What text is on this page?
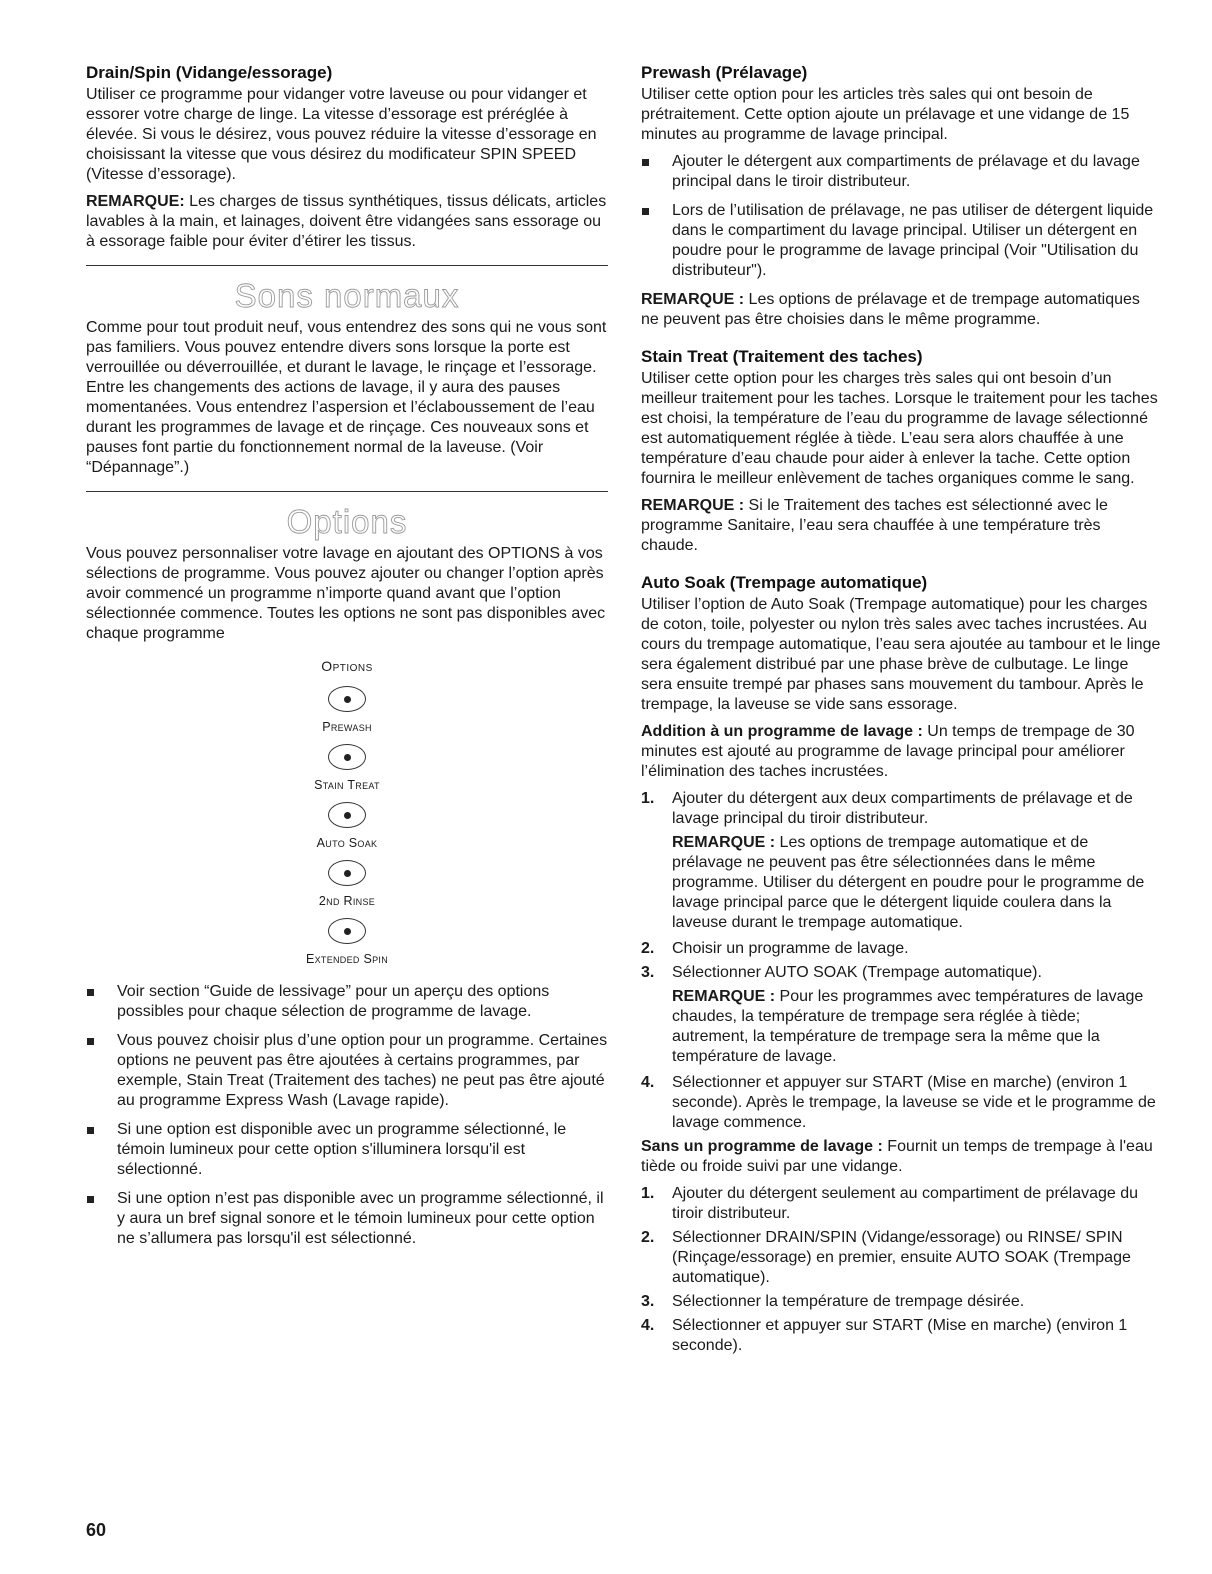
Drain/Spin (Vidange/essorage)

Utiliser ce programme pour vidanger votre laveuse ou pour vidanger et essorer votre charge de linge. La vitesse d’essorage est préréglée à élevée. Si vous le désirez, vous pouvez réduire la vitesse d’essorage en choisissant la vitesse que vous désirez du modificateur SPIN SPEED (Vitesse d’essorage).

REMARQUE: Les charges de tissus synthétiques, tissus délicats, articles lavables à la main, et lainages, doivent être vidangées sans essorage ou à essorage faible pour éviter d’étirer les tissus.

Sons normaux

Comme pour tout produit neuf, vous entendrez des sons qui ne vous sont pas familiers. Vous pouvez entendre divers sons lorsque la porte est verrouillée ou déverrouillée, et durant le lavage, le rinçage et l’essorage. Entre les changements des actions de lavage, il y aura des pauses momentanées. Vous entendrez l’aspersion et l’éclaboussement de l’eau durant les programmes de lavage et de rinçage. Ces nouveaux sons et pauses font partie du fonctionnement normal de la laveuse. (Voir “Dépannage”.)

Options

Vous pouvez personnaliser votre lavage en ajoutant des OPTIONS à vos sélections de programme. Vous pouvez ajouter ou changer l’option après avoir commencé un programme n’importe quand avant que l’option sélectionnée commence. Toutes les options ne sont pas disponibles avec chaque programme

Options
Prewash
Stain Treat
Auto Soak
2nd Rinse
Extended Spin
Voir section “Guide de lessivage” pour un aperçu des options possibles pour chaque sélection de programme de lavage.
Vous pouvez choisir plus d’une option pour un programme. Certaines options ne peuvent pas être ajoutées à certains programmes, par exemple, Stain Treat (Traitement des taches) ne peut pas être ajouté au programme Express Wash (Lavage rapide).
Si une option est disponible avec un programme sélectionné, le témoin lumineux pour cette option s'illuminera lorsqu'il est sélectionné.
Si une option n’est pas disponible avec un programme sélectionné, il y aura un bref signal sonore et le témoin lumineux pour cette option ne s’allumera pas lorsqu'il est sélectionné.
Prewash (Prélavage)

Utiliser cette option pour les articles très sales qui ont besoin de prétraitement. Cette option ajoute un prélavage et une vidange de 15 minutes au programme de lavage principal.

Ajouter le détergent aux compartiments de prélavage et du lavage principal dans le tiroir distributeur.
Lors de l’utilisation de prélavage, ne pas utiliser de détergent liquide dans le compartiment du lavage principal. Utiliser un détergent en poudre pour le programme de lavage principal (Voir "Utilisation du distributeur").

REMARQUE : Les options de prélavage et de trempage automatiques ne peuvent pas être choisies dans le même programme.

Stain Treat (Traitement des taches)

Utiliser cette option pour les charges très sales qui ont besoin d’un meilleur traitement pour les taches. Lorsque le traitement pour les taches est choisi, la température de l’eau du programme de lavage sélectionné est automatiquement réglée à tiède. L’eau sera alors chauffée à une température d’eau chaude pour aider à enlever la tache. Cette option fournira le meilleur enlèvement de taches organiques comme le sang.

REMARQUE : Si le Traitement des taches est sélectionné avec le programme Sanitaire, l’eau sera chauffée à une température très chaude.

Auto Soak (Trempage automatique)

Utiliser l’option de Auto Soak (Trempage automatique) pour les charges de coton, toile, polyester ou nylon très sales avec taches incrustées. Au cours du trempage automatique, l’eau sera ajoutée au tambour et le linge sera également distribué par une phase brève de culbutage. Le linge sera ensuite trempé par phases sans mouvement du tambour. Après le trempage, la laveuse se vide sans essorage.

Addition à un programme de lavage : Un temps de trempage de 30 minutes est ajouté au programme de lavage principal pour améliorer l’élimination des taches incrustées.

1. Ajouter du détergent aux deux compartiments de prélavage et de lavage principal du tiroir distributeur.
REMARQUE : Les options de trempage automatique et de prélavage ne peuvent pas être sélectionnées dans le même programme. Utiliser du détergent en poudre pour le programme de lavage principal parce que le détergent liquide coulera dans la laveuse durant le trempage automatique.
2. Choisir un programme de lavage.
3. Sélectionner AUTO SOAK (Trempage automatique).
REMARQUE : Pour les programmes avec températures de lavage chaudes, la température de trempage sera réglée à tiède; autrement, la température de trempage sera la même que la température de lavage.
4. Sélectionner et appuyer sur START (Mise en marche) (environ 1 seconde). Après le trempage, la laveuse se vide et le programme de lavage commence.

Sans un programme de lavage : Fournit un temps de trempage à l'eau tiède ou froide suivi par une vidange.

1. Ajouter du détergent seulement au compartiment de prélavage du tiroir distributeur.
2. Sélectionner DRAIN/SPIN (Vidange/essorage) ou RINSE/ SPIN (Rinçage/essorage) en premier, ensuite AUTO SOAK (Trempage automatique).
3. Sélectionner la température de trempage désirée.
4. Sélectionner et appuyer sur START (Mise en marche) (environ 1 seconde).
60
